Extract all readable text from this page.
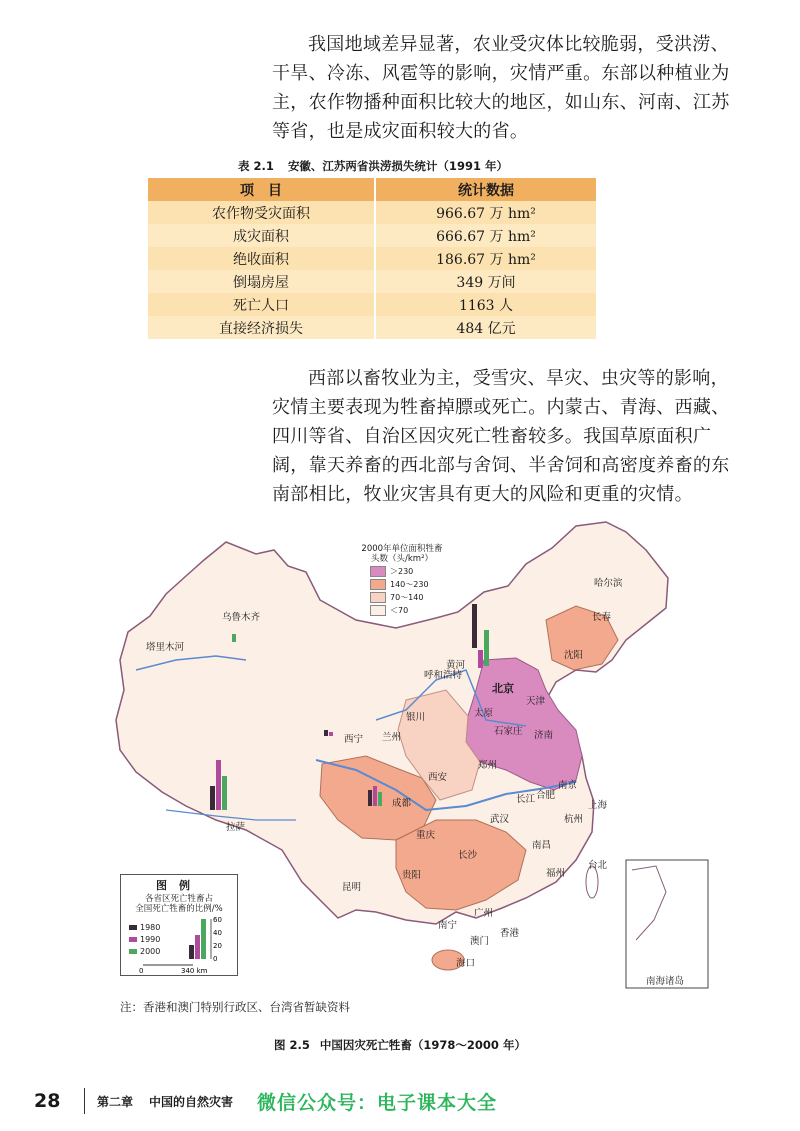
我国地域差异显著，农业受灾体比较脆弱，受洪涝、干旱、冷冻、风雹等的影响，灾情严重。东部以种植业为主，农作物播种面积比较大的地区，如山东、河南、江苏等省，也是成灾面积较大的省。

表 2.1 安徽、江苏两省洪涝损失统计（1991 年）
项　目	统计数据
农作物受灾面积	966.67 万 hm²
成灾面积	666.67 万 hm²
绝收面积	186.67 万 hm²
倒塌房屋	349 万间
死亡人口	1163 人
直接经济损失	484 亿元

西部以畜牧业为主，受雪灾、旱灾、虫灾等的影响，灾情主要表现为牲畜掉膘或死亡。内蒙古、青海、西藏、四川等省、自治区因灾死亡牲畜较多。我国草原面积广阔，靠天养畜的西北部与舍饲、半舍饲和高密度养畜的东南部相比，牧业灾害具有更大的风险和更重的灾情。

哈尔滨
长春
沈阳
乌鲁木齐
呼和浩特
北京
天津
太原
石家庄
银川
济南
西宁 兰州
郑州
西安
南京
合肥
上海
拉萨
成都
武汉	杭州
重庆
长沙
南昌
贵阳	福州
台北
昆明
南宁
广州
香港
澳门
海口
塔里木河
黄河
长江
南海诸岛
2000年单位面积牲畜
头数（头/km²）
＞230
140～230
70～140
＜70
图例
各省区死亡牲畜占
全国死亡牲畜的比例/%
1980
1990
2000
0
20
40
60
0	340 km
注：香港和澳门特别行政区、台湾省暂缺资料
图 2.5 中国因灾死亡牲畜（1978～2000 年）
28	第二章 中国的自然灾害 微信公众号：电子课本大全
